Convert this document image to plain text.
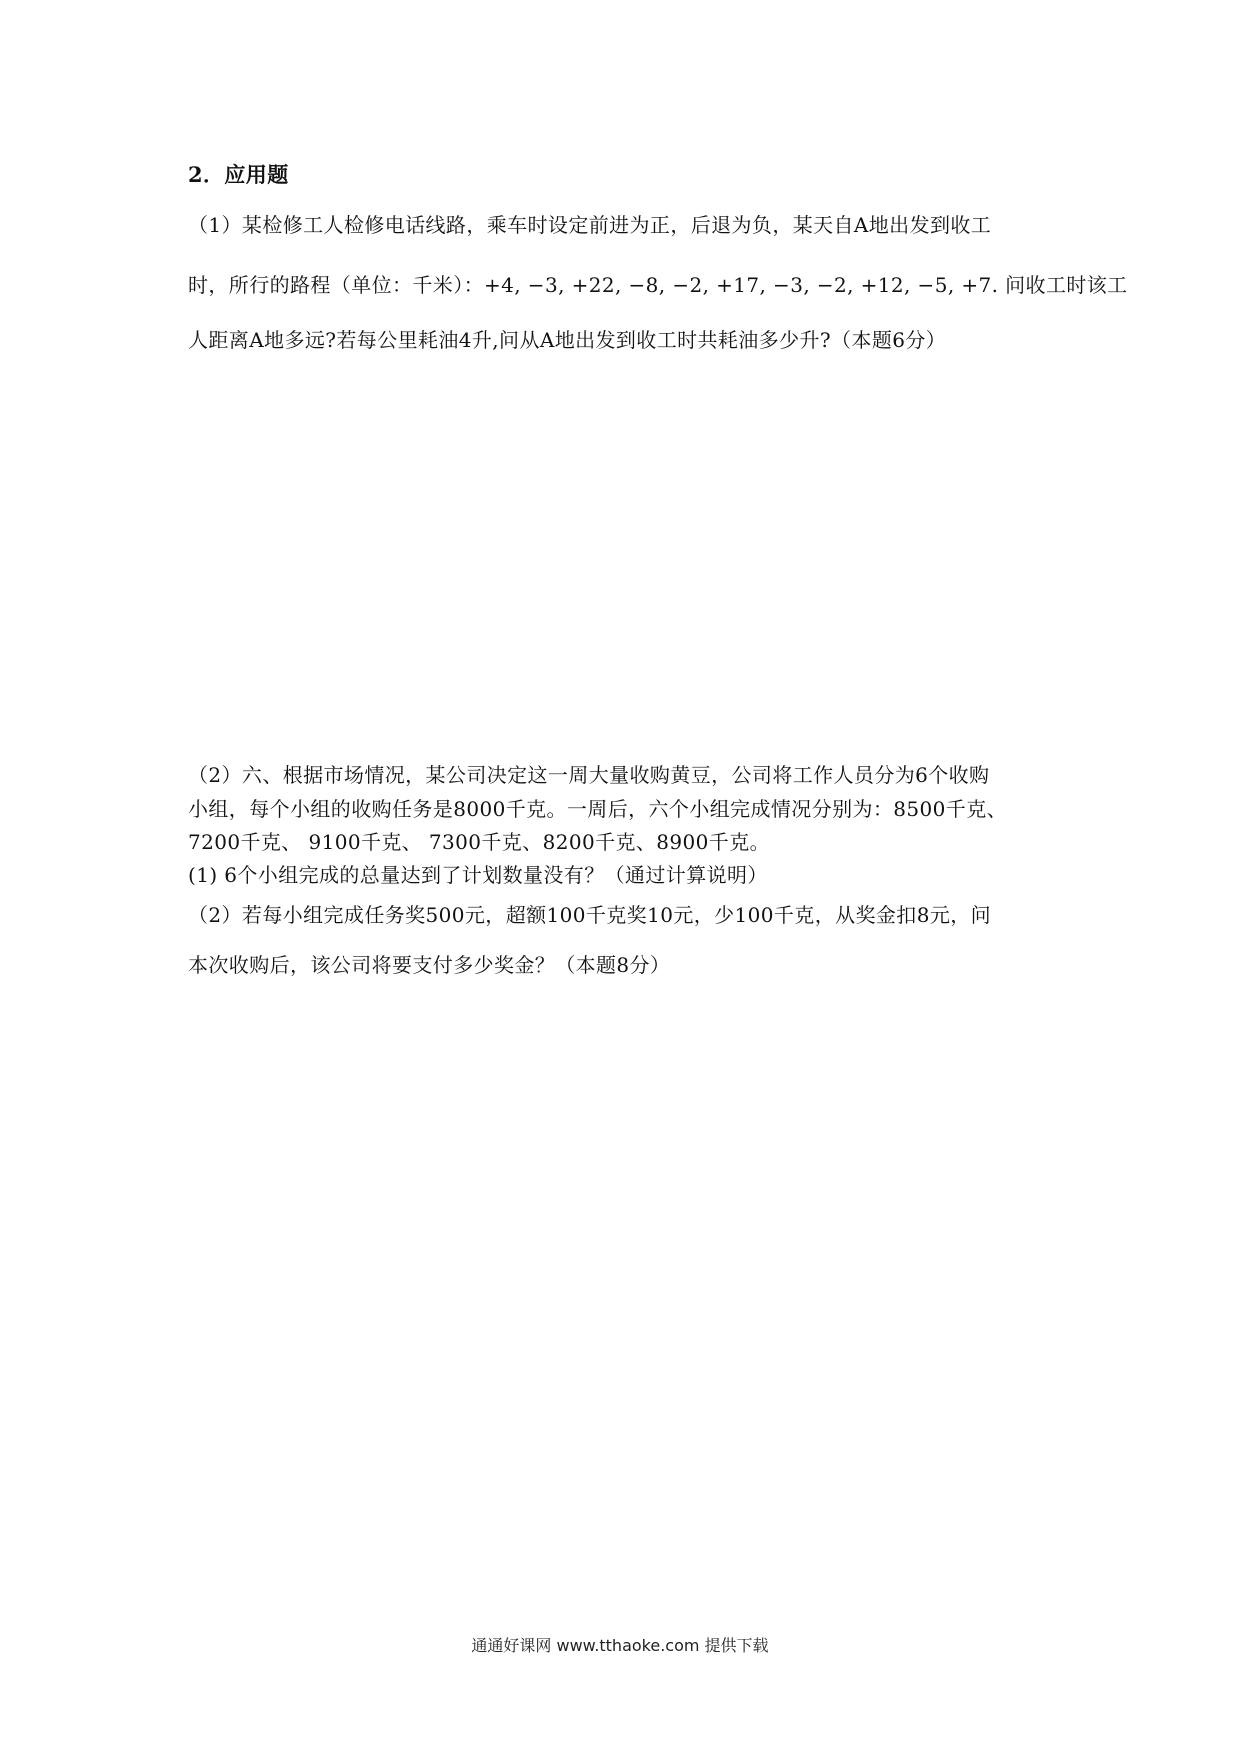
2．应用题
（1）某检修工人检修电话线路，乘车时设定前进为正，后退为负，某天自A地出发到收工
时，所行的路程（单位：千米）：+4, −3, +22, −8, −2, +17, −3, −2, +12, −5, +7. 问收工时该工
人距离A地多远?若每公里耗油4升,问从A地出发到收工时共耗油多少升?（本题6分）
（2）六、根据市场情况，某公司决定这一周大量收购黄豆，公司将工作人员分为6个收购
小组，每个小组的收购任务是8000千克。一周后，六个小组完成情况分别为：8500千克、
7200千克、 9100千克、 7300千克、8200千克、8900千克。
(1) 6个小组完成的总量达到了计划数量没有？（通过计算说明）
（2）若每小组完成任务奖500元，超额100千克奖10元，少100千克，从奖金扣8元，问
本次收购后，该公司将要支付多少奖金？（本题8分）
通通好课网 www.tthaoke.com 提供下载
